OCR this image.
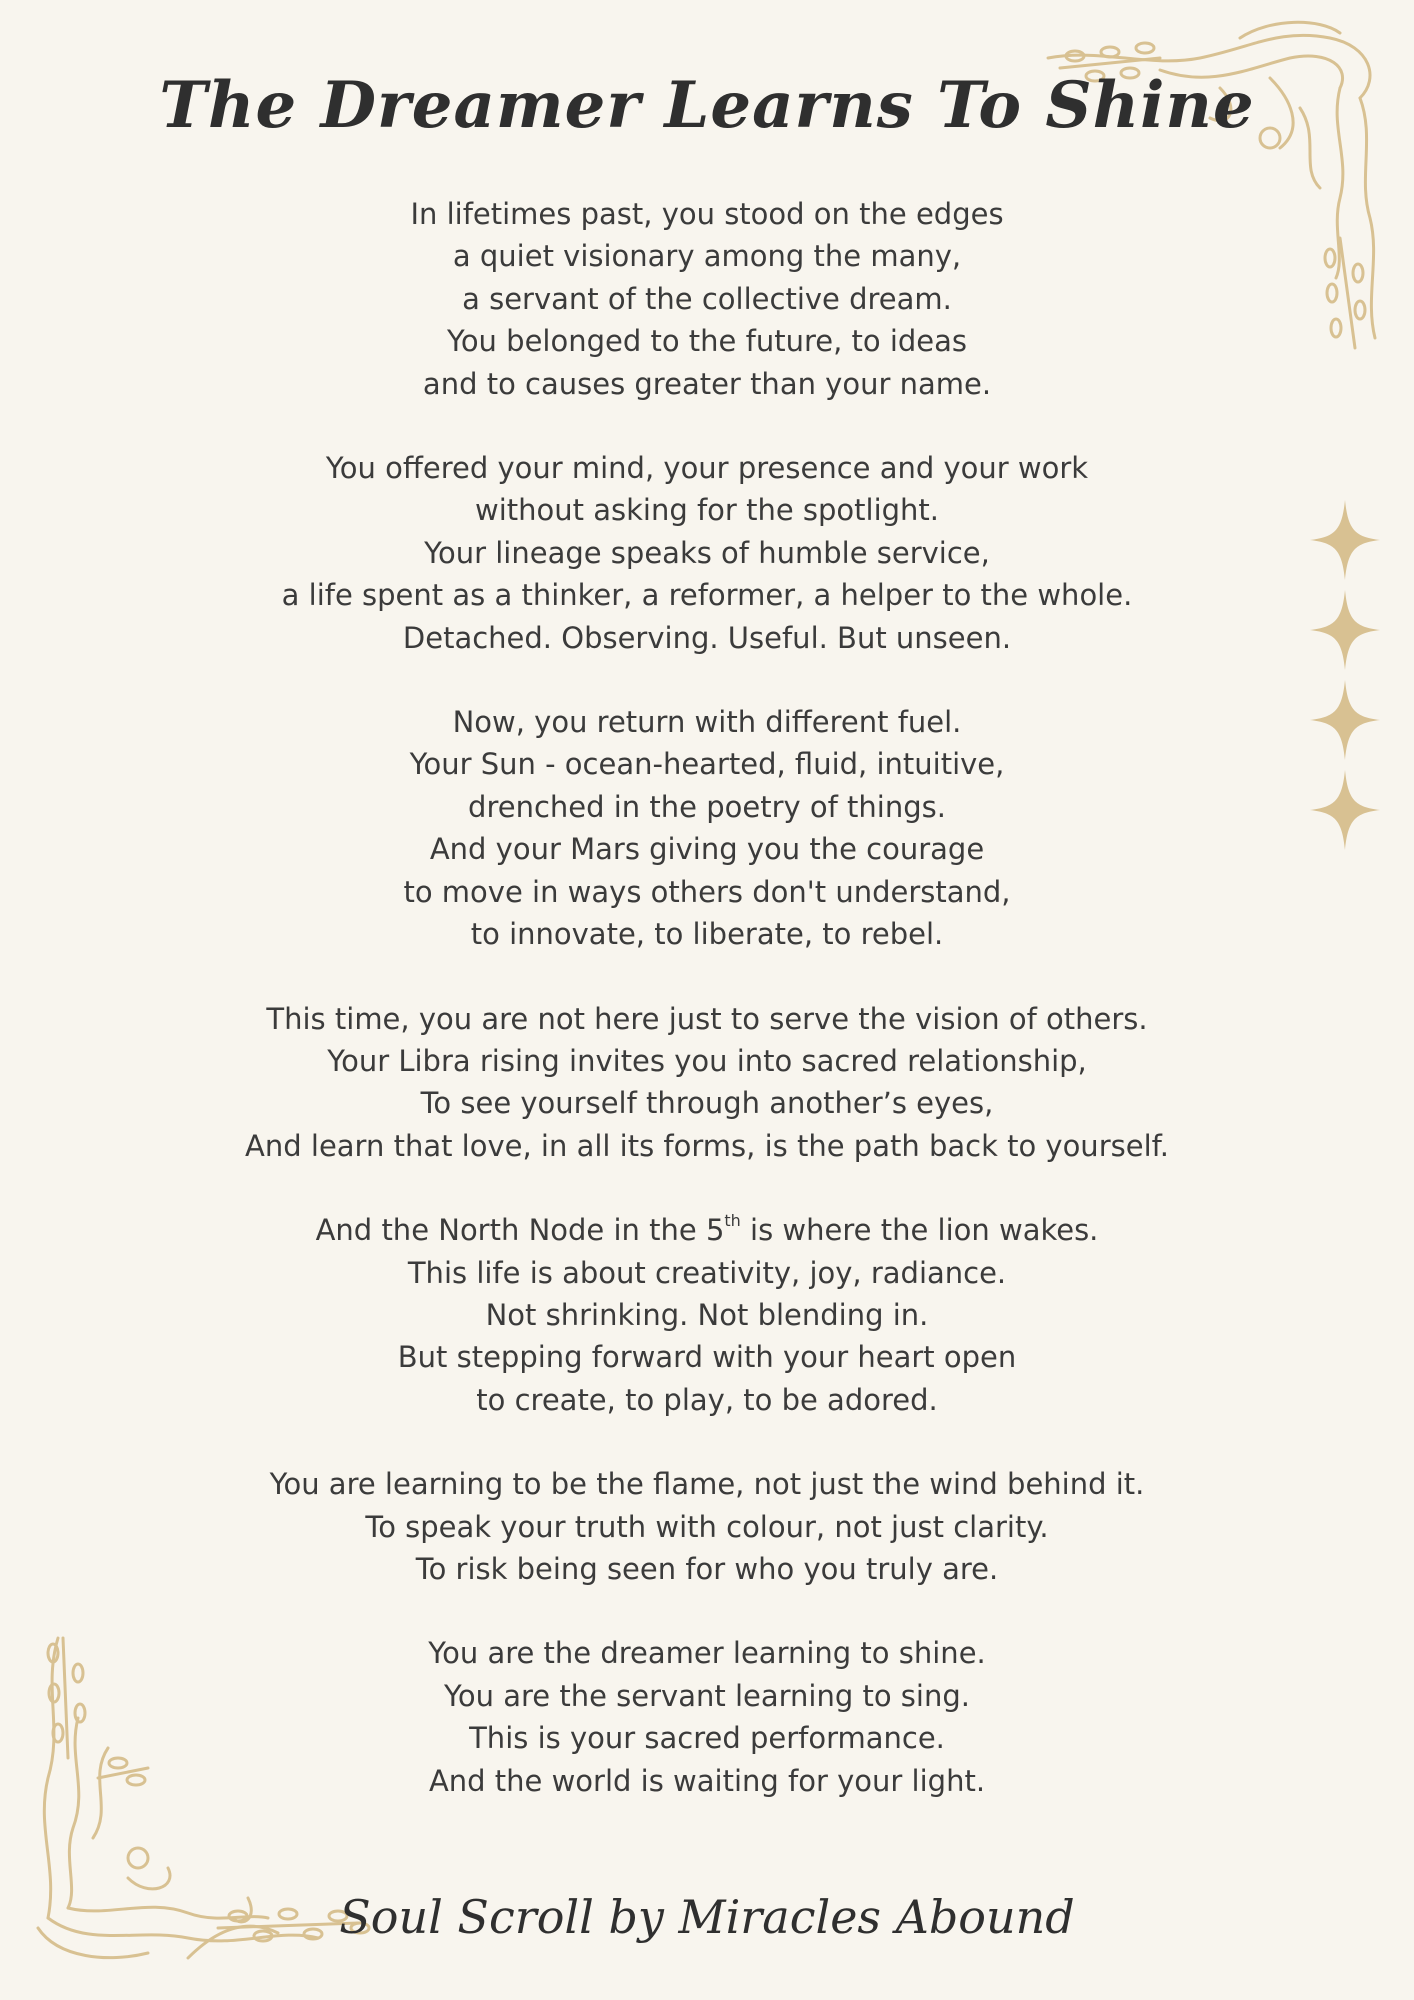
The Dreamer Learns To Shine
In lifetimes past, you stood on the edges
a quiet visionary among the many,
a servant of the collective dream.
You belonged to the future, to ideas
and to causes greater than your name.
You offered your mind, your presence and your work
without asking for the spotlight.
Your lineage speaks of humble service,
a life spent as a thinker, a reformer, a helper to the whole.
Detached. Observing. Useful. But unseen.
Now, you return with different fuel.
Your Sun - ocean-hearted, fluid, intuitive,
drenched in the poetry of things.
And your Mars giving you the courage
to move in ways others don't understand,
to innovate, to liberate, to rebel.
This time, you are not here just to serve the vision of others.
Your Libra rising invites you into sacred relationship,
To see yourself through another’s eyes,
And learn that love, in all its forms, is the path back to yourself.
And the North Node in the 5th is where the lion wakes.
This life is about creativity, joy, radiance.
Not shrinking. Not blending in.
But stepping forward with your heart open
to create, to play, to be adored.
You are learning to be the flame, not just the wind behind it.
To speak your truth with colour, not just clarity.
To risk being seen for who you truly are.
You are the dreamer learning to shine.
You are the servant learning to sing.
This is your sacred performance.
And the world is waiting for your light.

Soul Scroll by Miracles Abound
